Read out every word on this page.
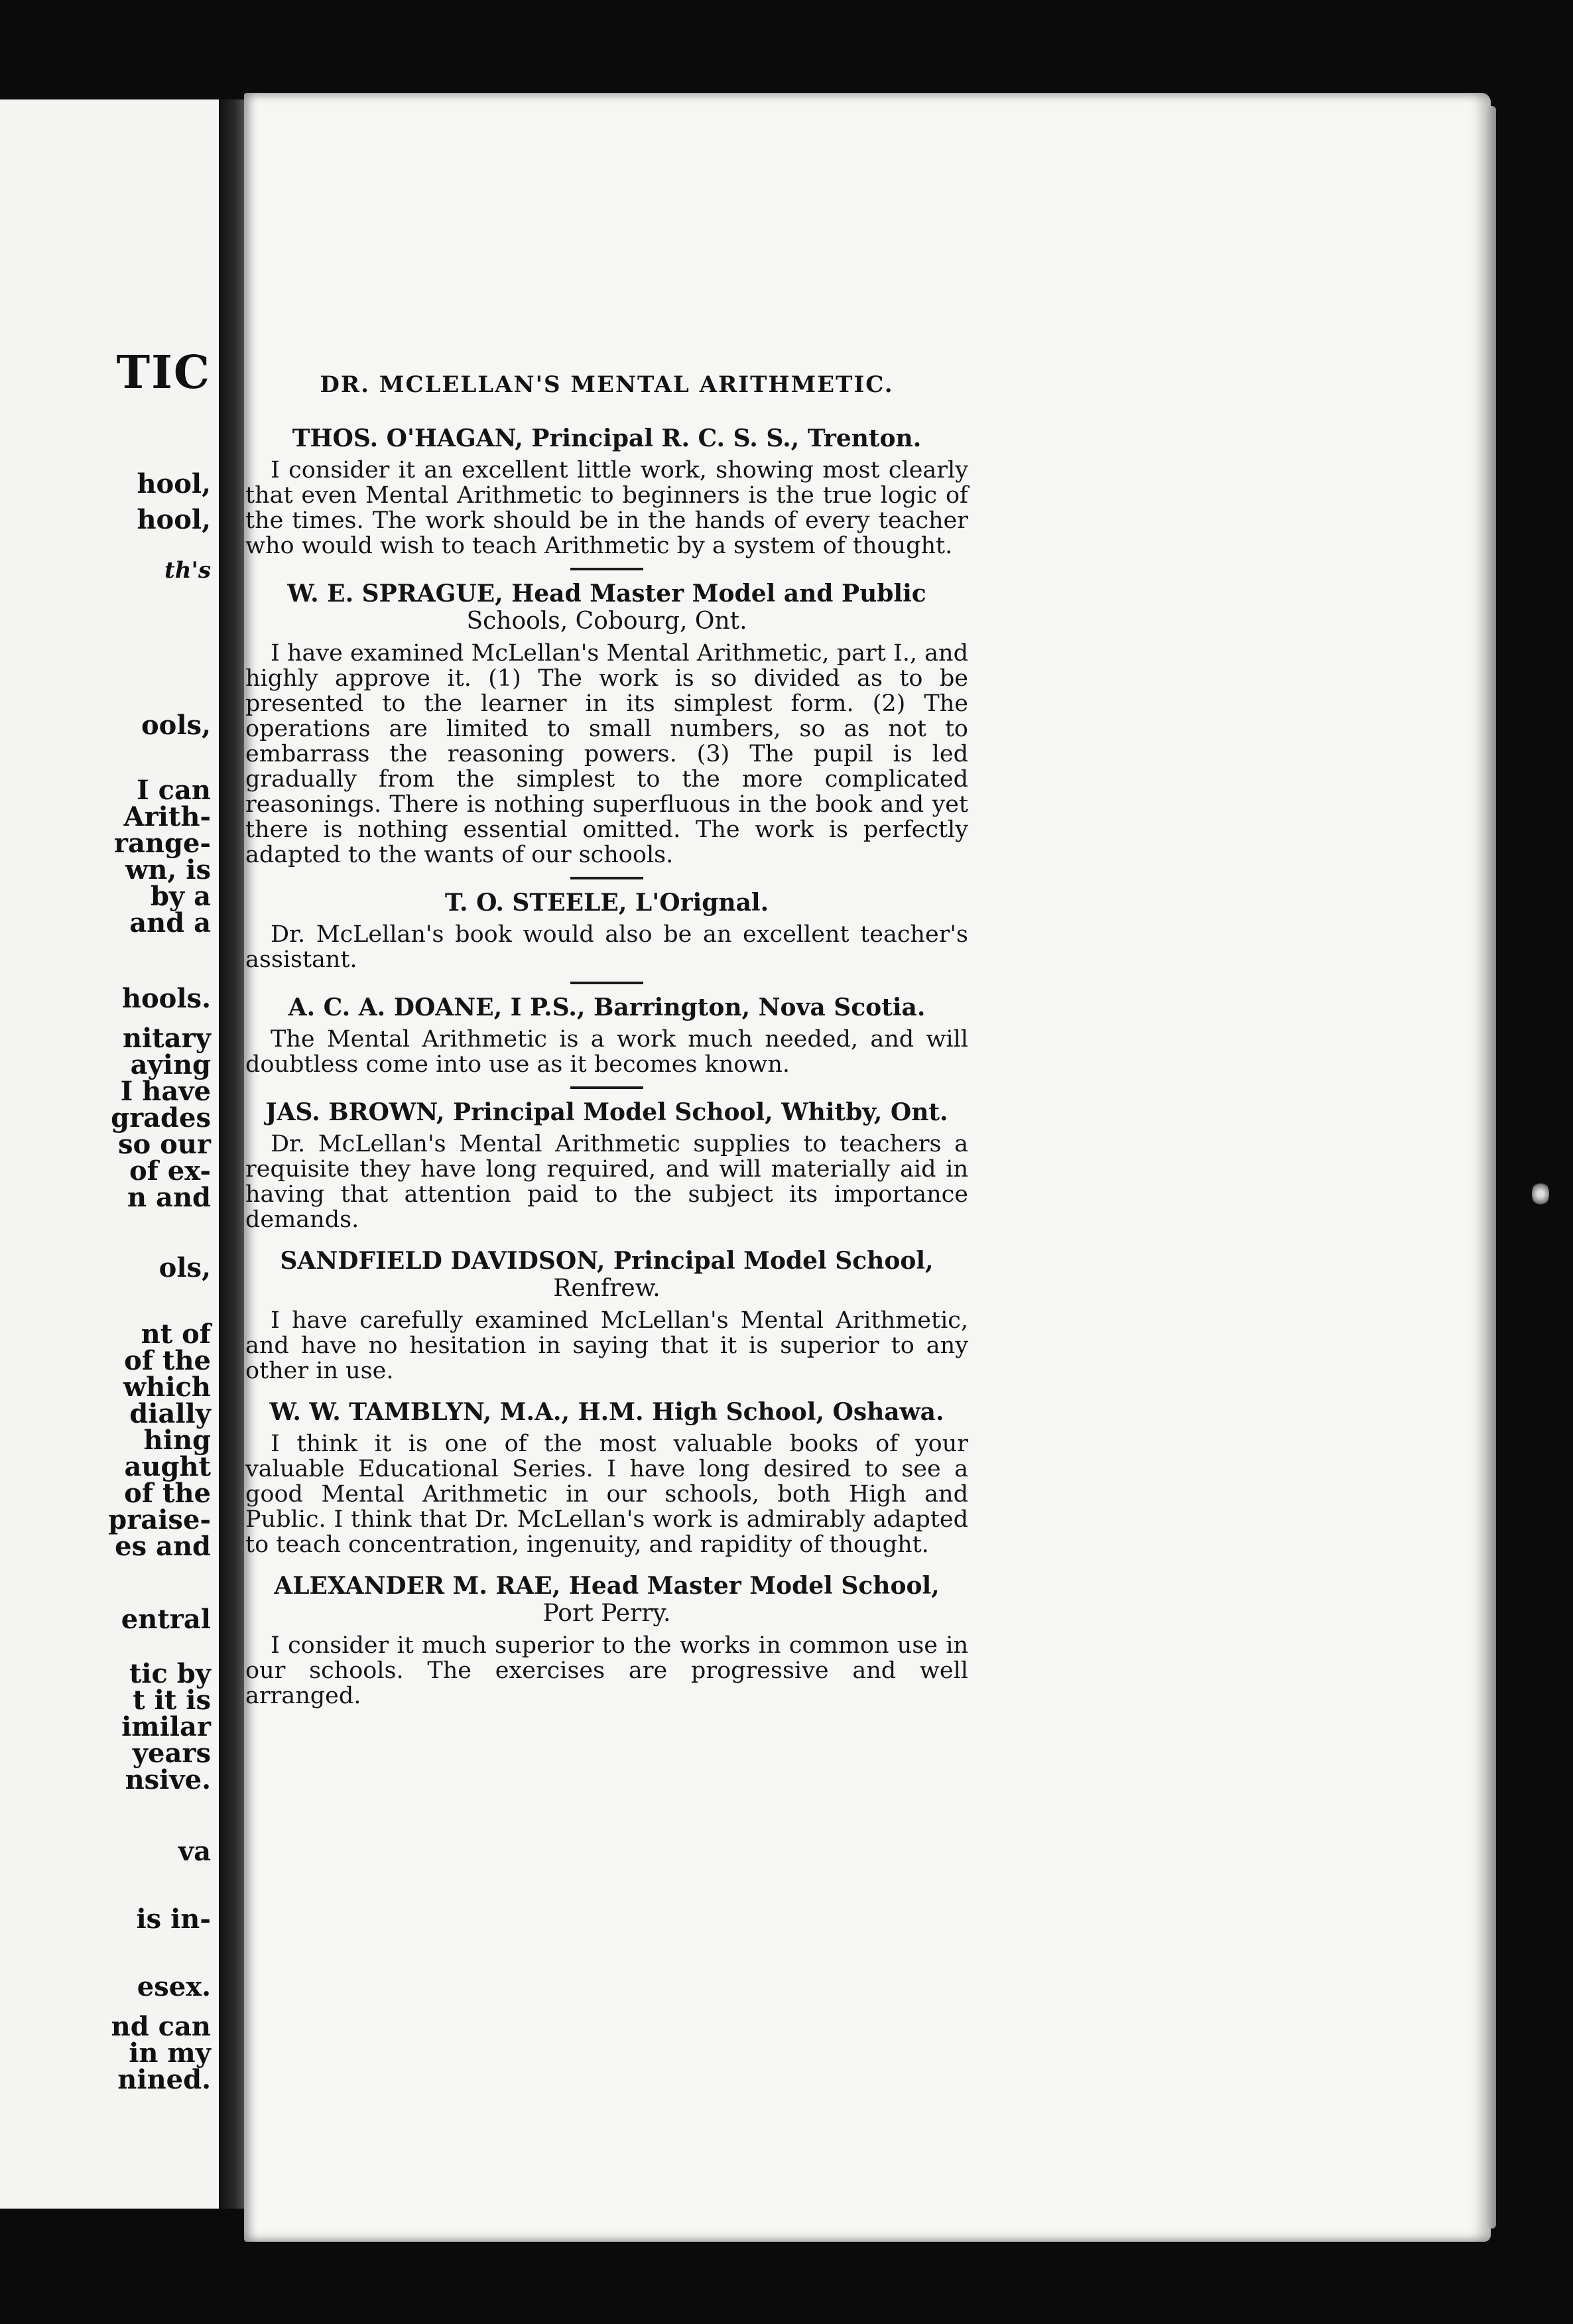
TIC
hool,
hool,
th's
ools,
I can
Arith-
range-
wn, is
by a
and a
hools.
nitary
aying
I have
grades
so our
of ex-
n and
ols,
nt of
of the
which
dially
hing
aught
of the
praise-
es and
entral
tic by
t it is
imilar
years
nsive.
va
is in-
esex.
nd can
in my
nined.
DR. MCLELLAN'S MENTAL ARITHMETIC.
THOS. O'HAGAN, Principal R. C. S. S., Trenton.

I consider it an excellent little work, showing most clearly that even Mental Arithmetic to beginners is the true logic of the times. The work should be in the hands of every teacher who would wish to teach Arithmetic by a system of thought.

W. E. SPRAGUE, Head Master Model and Public
Schools, Cobourg, Ont.

I have examined McLellan's Mental Arithmetic, part I., and highly approve it. (1) The work is so divided as to be presented to the learner in its simplest form. (2) The operations are limited to small numbers, so as not to embarrass the reasoning powers. (3) The pupil is led gradually from the simplest to the more complicated reasonings. There is nothing superfluous in the book and yet there is nothing essential omitted. The work is perfectly adapted to the wants of our schools.

T. O. STEELE, L'Orignal.

Dr. McLellan's book would also be an excellent teacher's assistant.

A. C. A. DOANE, I P.S., Barrington, Nova Scotia.

The Mental Arithmetic is a work much needed, and will doubtless come into use as it becomes known.

JAS. BROWN, Principal Model School, Whitby, Ont.

Dr. McLellan's Mental Arithmetic supplies to teachers a requisite they have long required, and will materially aid in having that attention paid to the subject its importance demands.

SANDFIELD DAVIDSON, Principal Model School,
Renfrew.

I have carefully examined McLellan's Mental Arithmetic, and have no hesitation in saying that it is superior to any other in use.

W. W. TAMBLYN, M.A., H.M. High School, Oshawa.

I think it is one of the most valuable books of your valuable Educational Series. I have long desired to see a good Mental Arithmetic in our schools, both High and Public. I think that Dr. McLellan's work is admirably adapted to teach concentration, ingenuity, and rapidity of thought.

ALEXANDER M. RAE, Head Master Model School,
Port Perry.

I consider it much superior to the works in common use in our schools. The exercises are progressive and well arranged.
